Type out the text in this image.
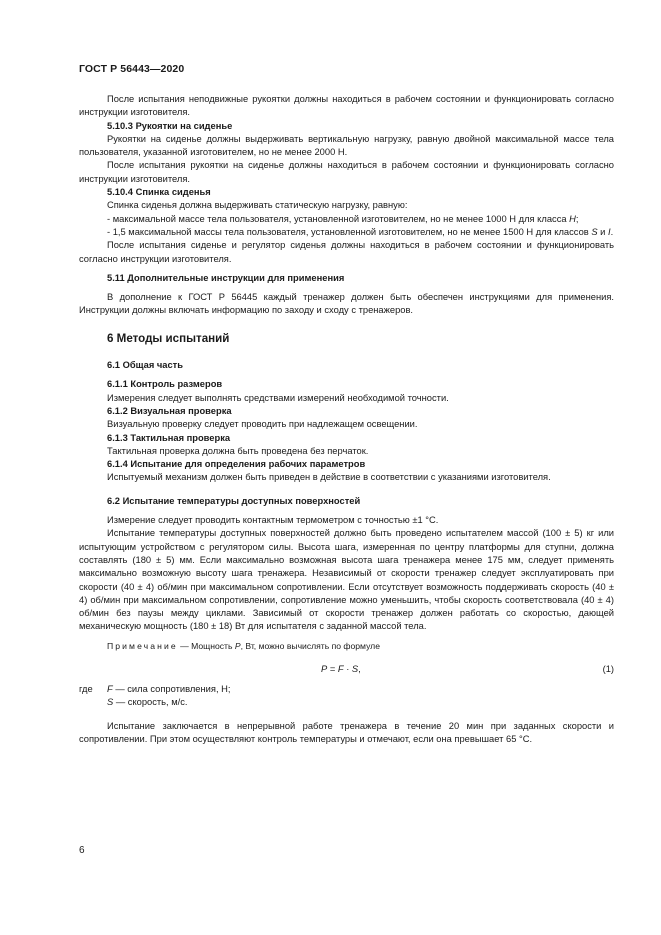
ГОСТ Р 56443—2020

После испытания неподвижные рукоятки должны находиться в рабочем состоянии и функционировать согласно инструкции изготовителя.

5.10.3 Рукоятки на сиденье

Рукоятки на сиденье должны выдерживать вертикальную нагрузку, равную двойной максимальной массе тела пользователя, указанной изготовителем, но не менее 2000 Н.

После испытания рукоятки на сиденье должны находиться в рабочем состоянии и функционировать согласно инструкции изготовителя.

5.10.4 Спинка сиденья

Спинка сиденья должна выдерживать статическую нагрузку, равную:

- максимальной массе тела пользователя, установленной изготовителем, но не менее 1000 Н для класса H;

- 1,5 максимальной массы тела пользователя, установленной изготовителем, но не менее 1500 Н для классов S и I.

После испытания сиденье и регулятор сиденья должны находиться в рабочем состоянии и функционировать согласно инструкции изготовителя.

5.11 Дополнительные инструкции для применения

В дополнение к ГОСТ Р 56445 каждый тренажер должен быть обеспечен инструкциями для применения. Инструкции должны включать информацию по заходу и сходу с тренажеров.

6 Методы испытаний

6.1 Общая часть

6.1.1 Контроль размеров

Измерения следует выполнять средствами измерений необходимой точности.

6.1.2 Визуальная проверка

Визуальную проверку следует проводить при надлежащем освещении.

6.1.3 Тактильная проверка

Тактильная проверка должна быть проведена без перчаток.

6.1.4 Испытание для определения рабочих параметров

Испытуемый механизм должен быть приведен в действие в соответствии с указаниями изготовителя.

6.2 Испытание температуры доступных поверхностей

Измерение следует проводить контактным термометром с точностью ±1 °С.

Испытание температуры доступных поверхностей должно быть проведено испытателем массой (100 ± 5) кг или испытующим устройством с регулятором силы. Высота шага, измеренная по центру платформы для ступни, должна составлять (180 ± 5) мм. Если максимально возможная высота шага тренажера менее 175 мм, следует применять максимально возможную высоту шага тренажера. Независимый от скорости тренажер следует эксплуатировать при скорости (40 ± 4) об/мин при максимальном сопротивлении. Если отсутствует возможность поддерживать скорость (40 ± 4) об/мин при максимальном сопротивлении, сопротивление можно уменьшить, чтобы скорость соответствовала (40 ± 4) об/мин без паузы между циклами. Зависимый от скорости тренажер должен работать со скоростью, дающей механическую мощность (180 ± 18) Вт для испытателя с заданной массой тела.

Примечание — Мощность P, Вт, можно вычислять по формуле

P = F · S,	(1)
где F — сила сопротивления, Н;
S — скорость, м/с.

Испытание заключается в непрерывной работе тренажера в течение 20 мин при заданных скорости и сопротивлении. При этом осуществляют контроль температуры и отмечают, если она превышает 65 °С.

6
